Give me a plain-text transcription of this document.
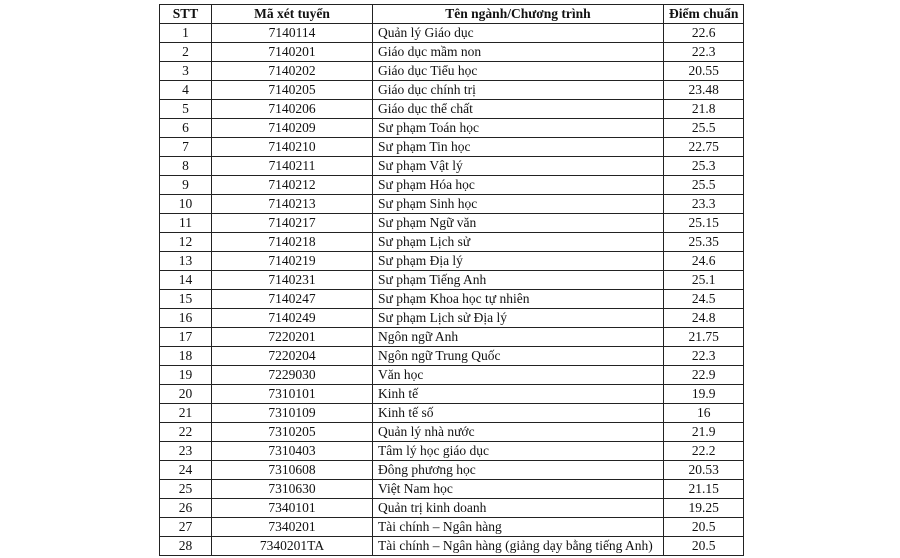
STT	Mã xét tuyển	Tên ngành/Chương trình	Điểm chuẩn
1	7140114	Quản lý Giáo dục	22.6
2	7140201	Giáo dục mầm non	22.3
3	7140202	Giáo dục Tiểu học	20.55
4	7140205	Giáo dục chính trị	23.48
5	7140206	Giáo dục thể chất	21.8
6	7140209	Sư phạm Toán học	25.5
7	7140210	Sư phạm Tin học	22.75
8	7140211	Sư phạm Vật lý	25.3
9	7140212	Sư phạm Hóa học	25.5
10	7140213	Sư phạm Sinh học	23.3
11	7140217	Sư phạm Ngữ văn	25.15
12	7140218	Sư phạm Lịch sử	25.35
13	7140219	Sư phạm Địa lý	24.6
14	7140231	Sư phạm Tiếng Anh	25.1
15	7140247	Sư phạm Khoa học tự nhiên	24.5
16	7140249	Sư phạm Lịch sử Địa lý	24.8
17	7220201	Ngôn ngữ Anh	21.75
18	7220204	Ngôn ngữ Trung Quốc	22.3
19	7229030	Văn học	22.9
20	7310101	Kinh tế	19.9
21	7310109	Kinh tế số	16
22	7310205	Quản lý nhà nước	21.9
23	7310403	Tâm lý học giáo dục	22.2
24	7310608	Đông phương học	20.53
25	7310630	Việt Nam học	21.15
26	7340101	Quản trị kinh doanh	19.25
27	7340201	Tài chính – Ngân hàng	20.5
28	7340201TA	Tài chính – Ngân hàng (giảng dạy bằng tiếng Anh)	20.5
